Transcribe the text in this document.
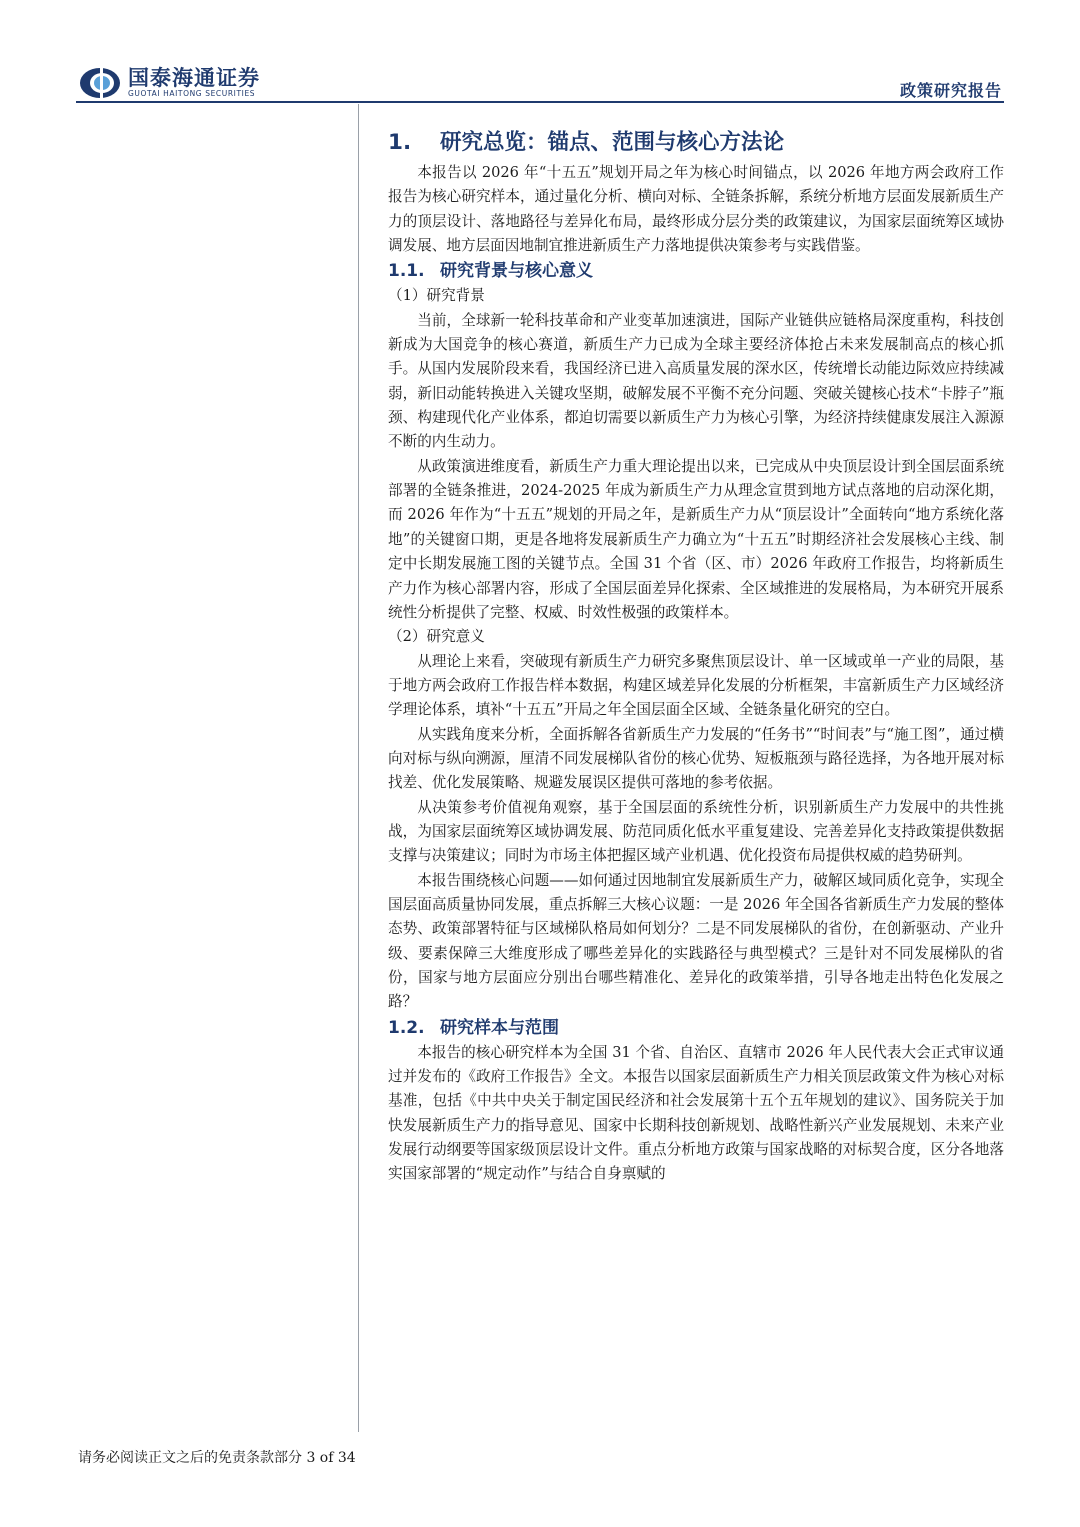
国泰海通证券
GUOTAI HAITONG SECURITIES	政策研究报告
1. 研究总览：锚点、范围与核心方法论

本报告以 2026 年“十五五”规划开局之年为核心时间锚点，以 2026 年地方两会政府工作报告为核心研究样本，通过量化分析、横向对标、全链条拆解，系统分析地方层面发展新质生产力的顶层设计、落地路径与差异化布局，最终形成分层分类的政策建议，为国家层面统筹区域协调发展、地方层面因地制宜推进新质生产力落地提供决策参考与实践借鉴。

1.1. 研究背景与核心意义

（1）研究背景

当前，全球新一轮科技革命和产业变革加速演进，国际产业链供应链格局深度重构，科技创新成为大国竞争的核心赛道，新质生产力已成为全球主要经济体抢占未来发展制高点的核心抓手。从国内发展阶段来看，我国经济已进入高质量发展的深水区，传统增长动能边际效应持续减弱，新旧动能转换进入关键攻坚期，破解发展不平衡不充分问题、突破关键核心技术“卡脖子”瓶颈、构建现代化产业体系，都迫切需要以新质生产力为核心引擎，为经济持续健康发展注入源源不断的内生动力。

从政策演进维度看，新质生产力重大理论提出以来，已完成从中央顶层设计到全国层面系统部署的全链条推进，2024-2025 年成为新质生产力从理念宣贯到地方试点落地的启动深化期，而 2026 年作为“十五五”规划的开局之年，是新质生产力从“顶层设计”全面转向“地方系统化落地”的关键窗口期，更是各地将发展新质生产力确立为“十五五”时期经济社会发展核心主线、制定中长期发展施工图的关键节点。全国 31 个省（区、市）2026 年政府工作报告，均将新质生产力作为核心部署内容，形成了全国层面差异化探索、全区域推进的发展格局，为本研究开展系统性分析提供了完整、权威、时效性极强的政策样本。

（2）研究意义

从理论上来看，突破现有新质生产力研究多聚焦顶层设计、单一区域或单一产业的局限，基于地方两会政府工作报告样本数据，构建区域差异化发展的分析框架，丰富新质生产力区域经济学理论体系，填补“十五五”开局之年全国层面全区域、全链条量化研究的空白。

从实践角度来分析，全面拆解各省新质生产力发展的“任务书”“时间表”与“施工图”，通过横向对标与纵向溯源，厘清不同发展梯队省份的核心优势、短板瓶颈与路径选择，为各地开展对标找差、优化发展策略、规避发展误区提供可落地的参考依据。

从决策参考价值视角观察，基于全国层面的系统性分析，识别新质生产力发展中的共性挑战，为国家层面统筹区域协调发展、防范同质化低水平重复建设、完善差异化支持政策提供数据支撑与决策建议；同时为市场主体把握区域产业机遇、优化投资布局提供权威的趋势研判。

本报告围绕核心问题——如何通过因地制宜发展新质生产力，破解区域同质化竞争，实现全国层面高质量协同发展，重点拆解三大核心议题：一是 2026 年全国各省新质生产力发展的整体态势、政策部署特征与区域梯队格局如何划分？二是不同发展梯队的省份，在创新驱动、产业升级、要素保障三大维度形成了哪些差异化的实践路径与典型模式？三是针对不同发展梯队的省份，国家与地方层面应分别出台哪些精准化、差异化的政策举措，引导各地走出特色化发展之路？

1.2. 研究样本与范围

本报告的核心研究样本为全国 31 个省、自治区、直辖市 2026 年人民代表大会正式审议通过并发布的《政府工作报告》全文。本报告以国家层面新质生产力相关顶层政策文件为核心对标基准，包括《中共中央关于制定国民经济和社会发展第十五个五年规划的建议》、国务院关于加快发展新质生产力的指导意见、国家中长期科技创新规划、战略性新兴产业发展规划、未来产业发展行动纲要等国家级顶层设计文件。重点分析地方政策与国家战略的对标契合度，区分各地落实国家部署的“规定动作”与结合自身禀赋的

请务必阅读正文之后的免责条款部分 3 of 34
